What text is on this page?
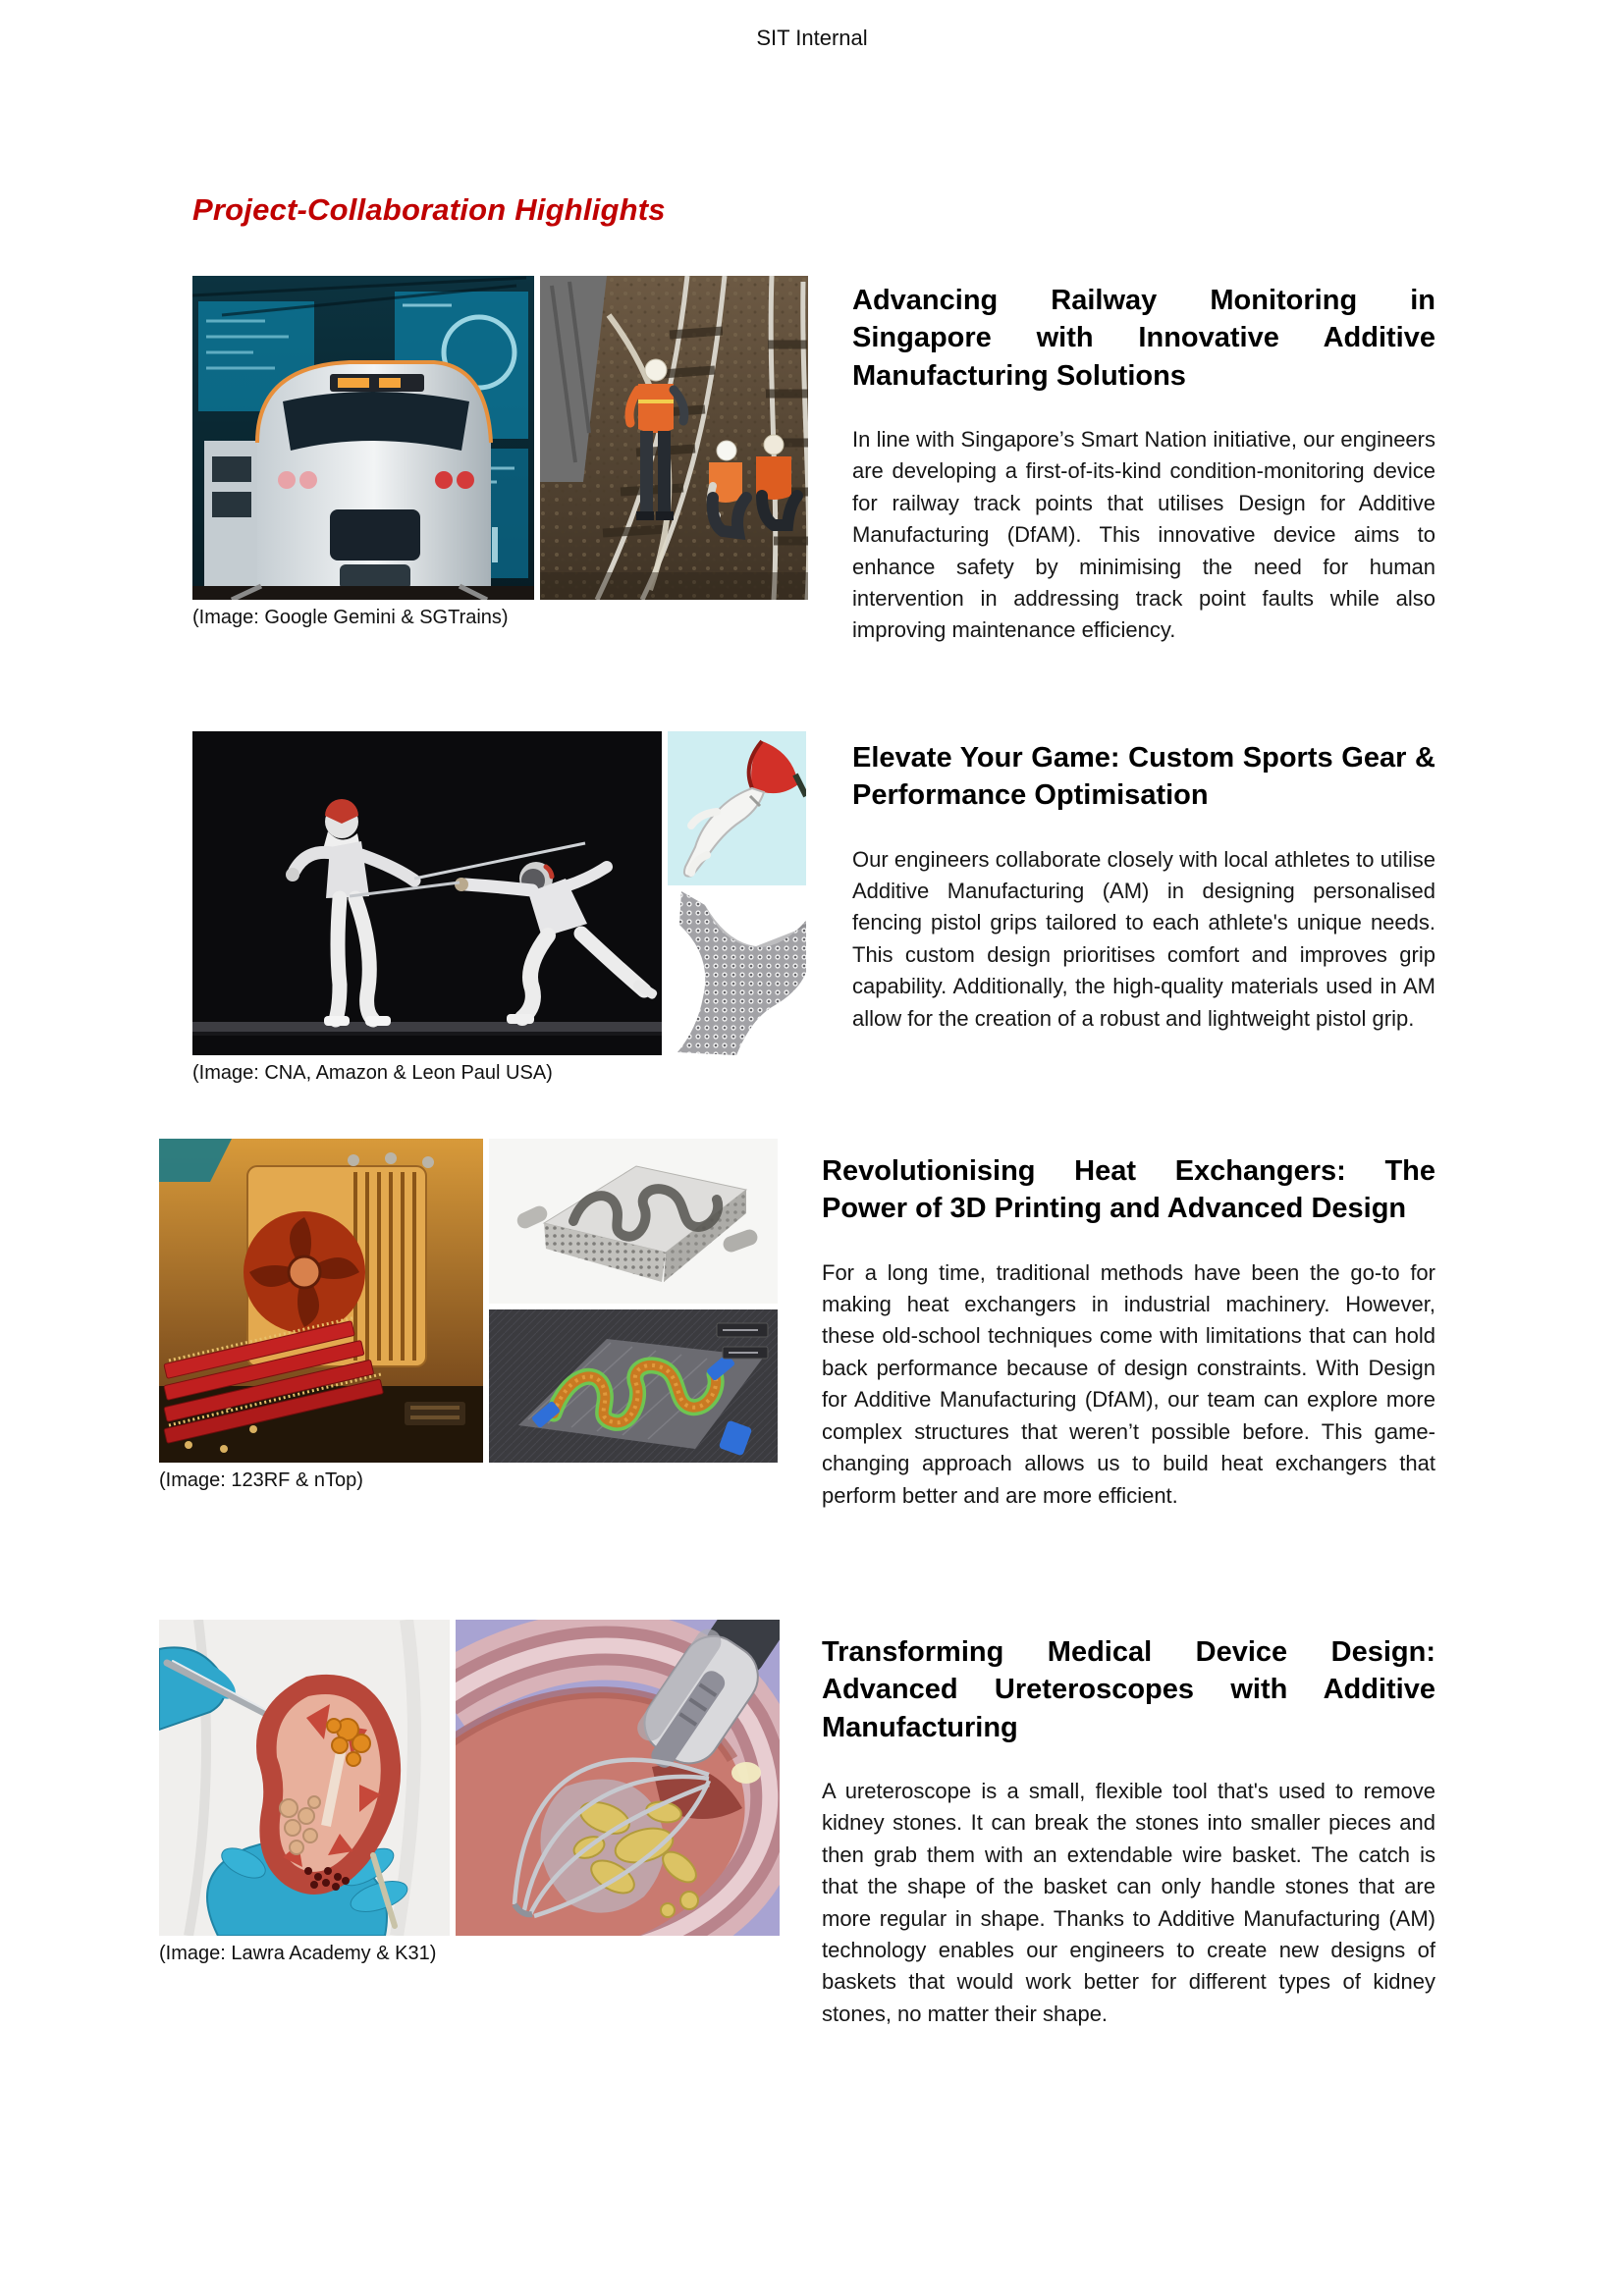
SIT Internal
Project-Collaboration Highlights
(Image: Google Gemini & SGTrains)
Advancing Railway Monitoring in Singapore with Innovative Additive Manufacturing Solutions

In line with Singapore’s Smart Nation initiative, our engineers are developing a first-of-its-kind condition-monitoring device for railway track points that utilises Design for Additive Manufacturing (DfAM). This innovative device aims to enhance safety by minimising the need for human intervention in addressing track point faults while also improving maintenance efficiency.

(Image: CNA, Amazon & Leon Paul USA)
Elevate Your Game: Custom Sports Gear & Performance Optimisation

Our engineers collaborate closely with local athletes to utilise Additive Manufacturing (AM) in designing personalised fencing pistol grips tailored to each athlete's unique needs. This custom design prioritises comfort and improves grip capability. Additionally, the high-quality materials used in AM allow for the creation of a robust and lightweight pistol grip.

(Image: 123RF & nTop)
Revolutionising Heat Exchangers: The Power of 3D Printing and Advanced Design

For a long time, traditional methods have been the go-to for making heat exchangers in industrial machinery. However, these old-school techniques come with limitations that can hold back performance because of design constraints. With Design for Additive Manufacturing (DfAM), our team can explore more complex structures that weren’t possible before. This game-changing approach allows us to build heat exchangers that perform better and are more efficient.

(Image: Lawra Academy & K31)
Transforming Medical Device Design: Advanced Ureteroscopes with Additive Manufacturing

A ureteroscope is a small, flexible tool that's used to remove kidney stones. It can break the stones into smaller pieces and then grab them with an extendable wire basket. The catch is that the shape of the basket can only handle stones that are more regular in shape. Thanks to Additive Manufacturing (AM) technology enables our engineers to create new designs of baskets that would work better for different types of kidney stones, no matter their shape.
